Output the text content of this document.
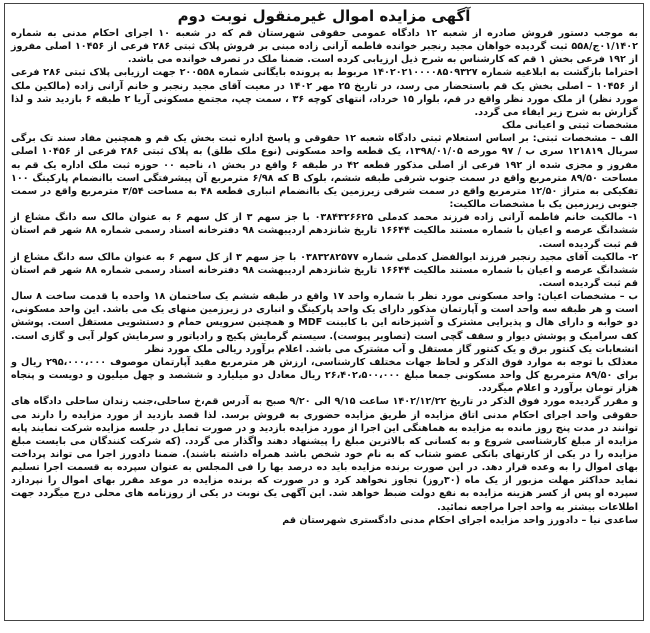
آگهی مزایده اموال غیرمنقول نوبت دوم

به موجب دستور فروش صادره از شعبه ۱۲ دادگاه عمومی حقوقی شهرستان قم که در شعبه ۱۰ اجرای احکام مدنی به شماره ۰۱/۱۴۰۲ج/۵۵۸ ثبت گردیده خواهان مجید رنجبر خوانده فاطمه آرانی زاده مبنی بر فروش پلاک ثبتی ۲۸۶ فرعی از ۱۰۴۵۶ اصلی مفروز از ۱۹۲ فرعی بخش ۱ قم که کارشناس به شرح ذیل ارزیابی کرده است. ضمنا ملک در تصرف خوانده می باشد.

احتراما بازگشت به ابلاغیه شماره ۱۴۰۲۰۲۱۰۰۰۰۸۵۰۹۳۲۷ مربوط به پرونده بایگانی شماره ۲۰۰۵۵۸ جهت ارزیابی پلاک ثبتی ۲۸۶ فرعی از ۱۰۴۵۶ – اصلی بخش یک قم باستحضار می رسد، در تاریخ ۲۵ مهر ۱۴۰۲ در معیت آقای مجید رنجبر و خانم آرانی زاده (مالکین ملک مورد نظر) از ملک مورد نظر واقع در قم، بلوار ۱۵ خرداد، انتهای کوچه ۳۶ ، سمت چپ، مجتمع مسکونی آریا ۲ طبقه ۶ بازدید شد و لذا گزارش به شرح زیر ایفاء می گردد.

مشخصات ثبتی و اعیانی ملک

الف – مشخصات ثبتی: بر اساس استعلام ثبتی دادگاه شعبه ۱۲ حقوقی و پاسخ اداره ثبت بخش یک قم و همچنین مفاد سند تک برگی سریال ۱۲۱۸۱۹ سری ب / ۹۷ مورخه ۱۳۹۸/۰۱/۰۵، یک قطعه واحد مسکونی (نوع ملک طلق) به پلاک ثبتی ۲۸۶ فرعی از ۱۰۴۵۶ اصلی مفروز و مجزی شده از ۱۹۲ فرعی از اصلی مذکور قطعه ۴۲ در طبقه ۶ واقع در بخش ۱، ناحیه ۰۰ حوزه ثبت ملک اداره یک قم به مساحت ۸۹/۵۰ مترمربع واقع در سمت جنوب شرقی طبقه ششم، بلوک B که ۶/۹۸ مترمربع آن پیشرفتگی است باانضمام پارکینگ ۱۰۰ تفکیکی به متراژ ۱۲/۵۰ مترمربع واقع در سمت شرقی زیرزمین یک باانضمام انباری قطعه ۴۸ به مساحت ۳/۵۴ مترمربع واقع در سمت جنوبی زیرزمین یک با مشخصات مالکیت:

۱- مالکیت خانم فاطمه آرانی زاده فرزند محمد کدملی ۰۳۸۴۳۲۶۶۲۵ با جز سهم ۳ از کل سهم ۶ به عنوان مالک سه دانگ مشاع از ششدانگ عرصه و اعیان با شماره مستند مالکیت ۱۶۶۴۴ تاریخ شانزدهم اردیبهشت ۹۸ دفترخانه اسناد رسمی شماره ۸۸ شهر قم استان قم ثبت گردیده است.

۲- مالکیت آقای مجید رنجبر فرزند ابوالفضل کدملی شماره ۰۳۸۳۲۸۲۵۷۷ با جز سهم ۳ از کل سهم ۶ به عنوان مالک سه دانگ مشاع از ششدانگ عرصه و اعیان با شماره مستند مالکیت ۱۶۶۴۴ تاریخ شانزدهم اردیبهشت ۹۸ دفترخانه اسناد رسمی شماره ۸۸ شهر قم استان قم ثبت گردیده است.

ب – مشخصات اعیان: واحد مسکونی مورد نظر با شماره واحد ۱۷ واقع در طبقه ششم یک ساختمان ۱۸ واحده با قدمت ساخت ۸ سال است و هر طبقه سه واحد است و آپارتمان مذکور دارای یک واحد پارکینگ و انباری در زیرزمین منهای یک می باشد. این واحد مسکونی، دو خوابه و دارای هال و پذیرایی مشترک و آشپزخانه این با کابینت MDF و همچنین سرویس حمام و دستشویی مستقل است. پوشش کف سرامیک و پوشش دیوار و سقف گچی است (تصاویر پیوست). سیستم گرمایش پکیج و رادیاتور و سرمایش کولر آبی و گازی است. انشعابات یک کنتور برق و یک کنتور گاز مستقل و آب مشترک می باشد. اعلام برآورد ریالی ملک مورد نظر

معذلک با توجه به موارد فوق الذکر و لحاظ جهات مختلف کارشناسی، ارزش هر مترمربع مفید آپارتمان موصوف ۲۹۵،۰۰۰،۰۰۰ ریال و برای ۸۹/۵۰ مترمربع کل واحد مسکونی جمعا مبلغ ۲۶،۴۰۲،۵۰۰،۰۰۰ ریال معادل دو میلیارد و ششصد و چهل میلیون و دویست و پنجاه هزار تومان برآورد و اعلام میگردد.

و مقرر گردیده مورد فوق الذکر در تاریخ ۱۴۰۲/۱۲/۲۲ ساعت ۹/۱۵ الی ۹/۲۰ صبح به آدرس قم،خ ساحلی،جنب زندان ساحلی دادگاه های حقوقی واحد اجرای احکام مدنی اتاق مزایده از طریق مزایده حضوری به فروش برسد. لذا قصد بازدید از مورد مزایده را دارند می توانند در مدت پنج روز مانده به مزایده به هماهنگی این اجرا از مورد مزایده بازدید و در صورت تمایل در جلسه مزایده شرکت نمایند پایه مزایده از مبلغ کارشناسی شروع و به کسانی که بالاترین مبلغ را پیشنهاد دهند واگذار می گردد. (که شرکت کنندگان می بایست مبلغ مزایده را در یکی از کارتهای بانکی عضو شتاب که به نام خود شخص باشد همراه داشته باشند). ضمنا دادورز اجرا می تواند پرداخت بهای اموال را به وعده قرار دهد. در این صورت برنده مزایده باید ده درصد بها را فی المجلس به عنوان سپرده به قسمت اجرا تسلیم نماید حداکثر مهلت مزبور از یک ماه (۳۰روز) تجاوز نخواهد کرد و در صورت که برنده مزایده در موعد مقرر بهای اموال را نپردازد سپرده او پس از کسر هزینه مزایده به نفع دولت ضبط خواهد شد. این آگهی یک نوبت در یکی از روزنامه های محلی درج میگردد جهت اطلاعات بیشتر به واحد اجرا مراجعه نمائید.

ساعدی نیا – دادورز واحد مزایده اجرای احکام مدنی دادگستری شهرستان قم
